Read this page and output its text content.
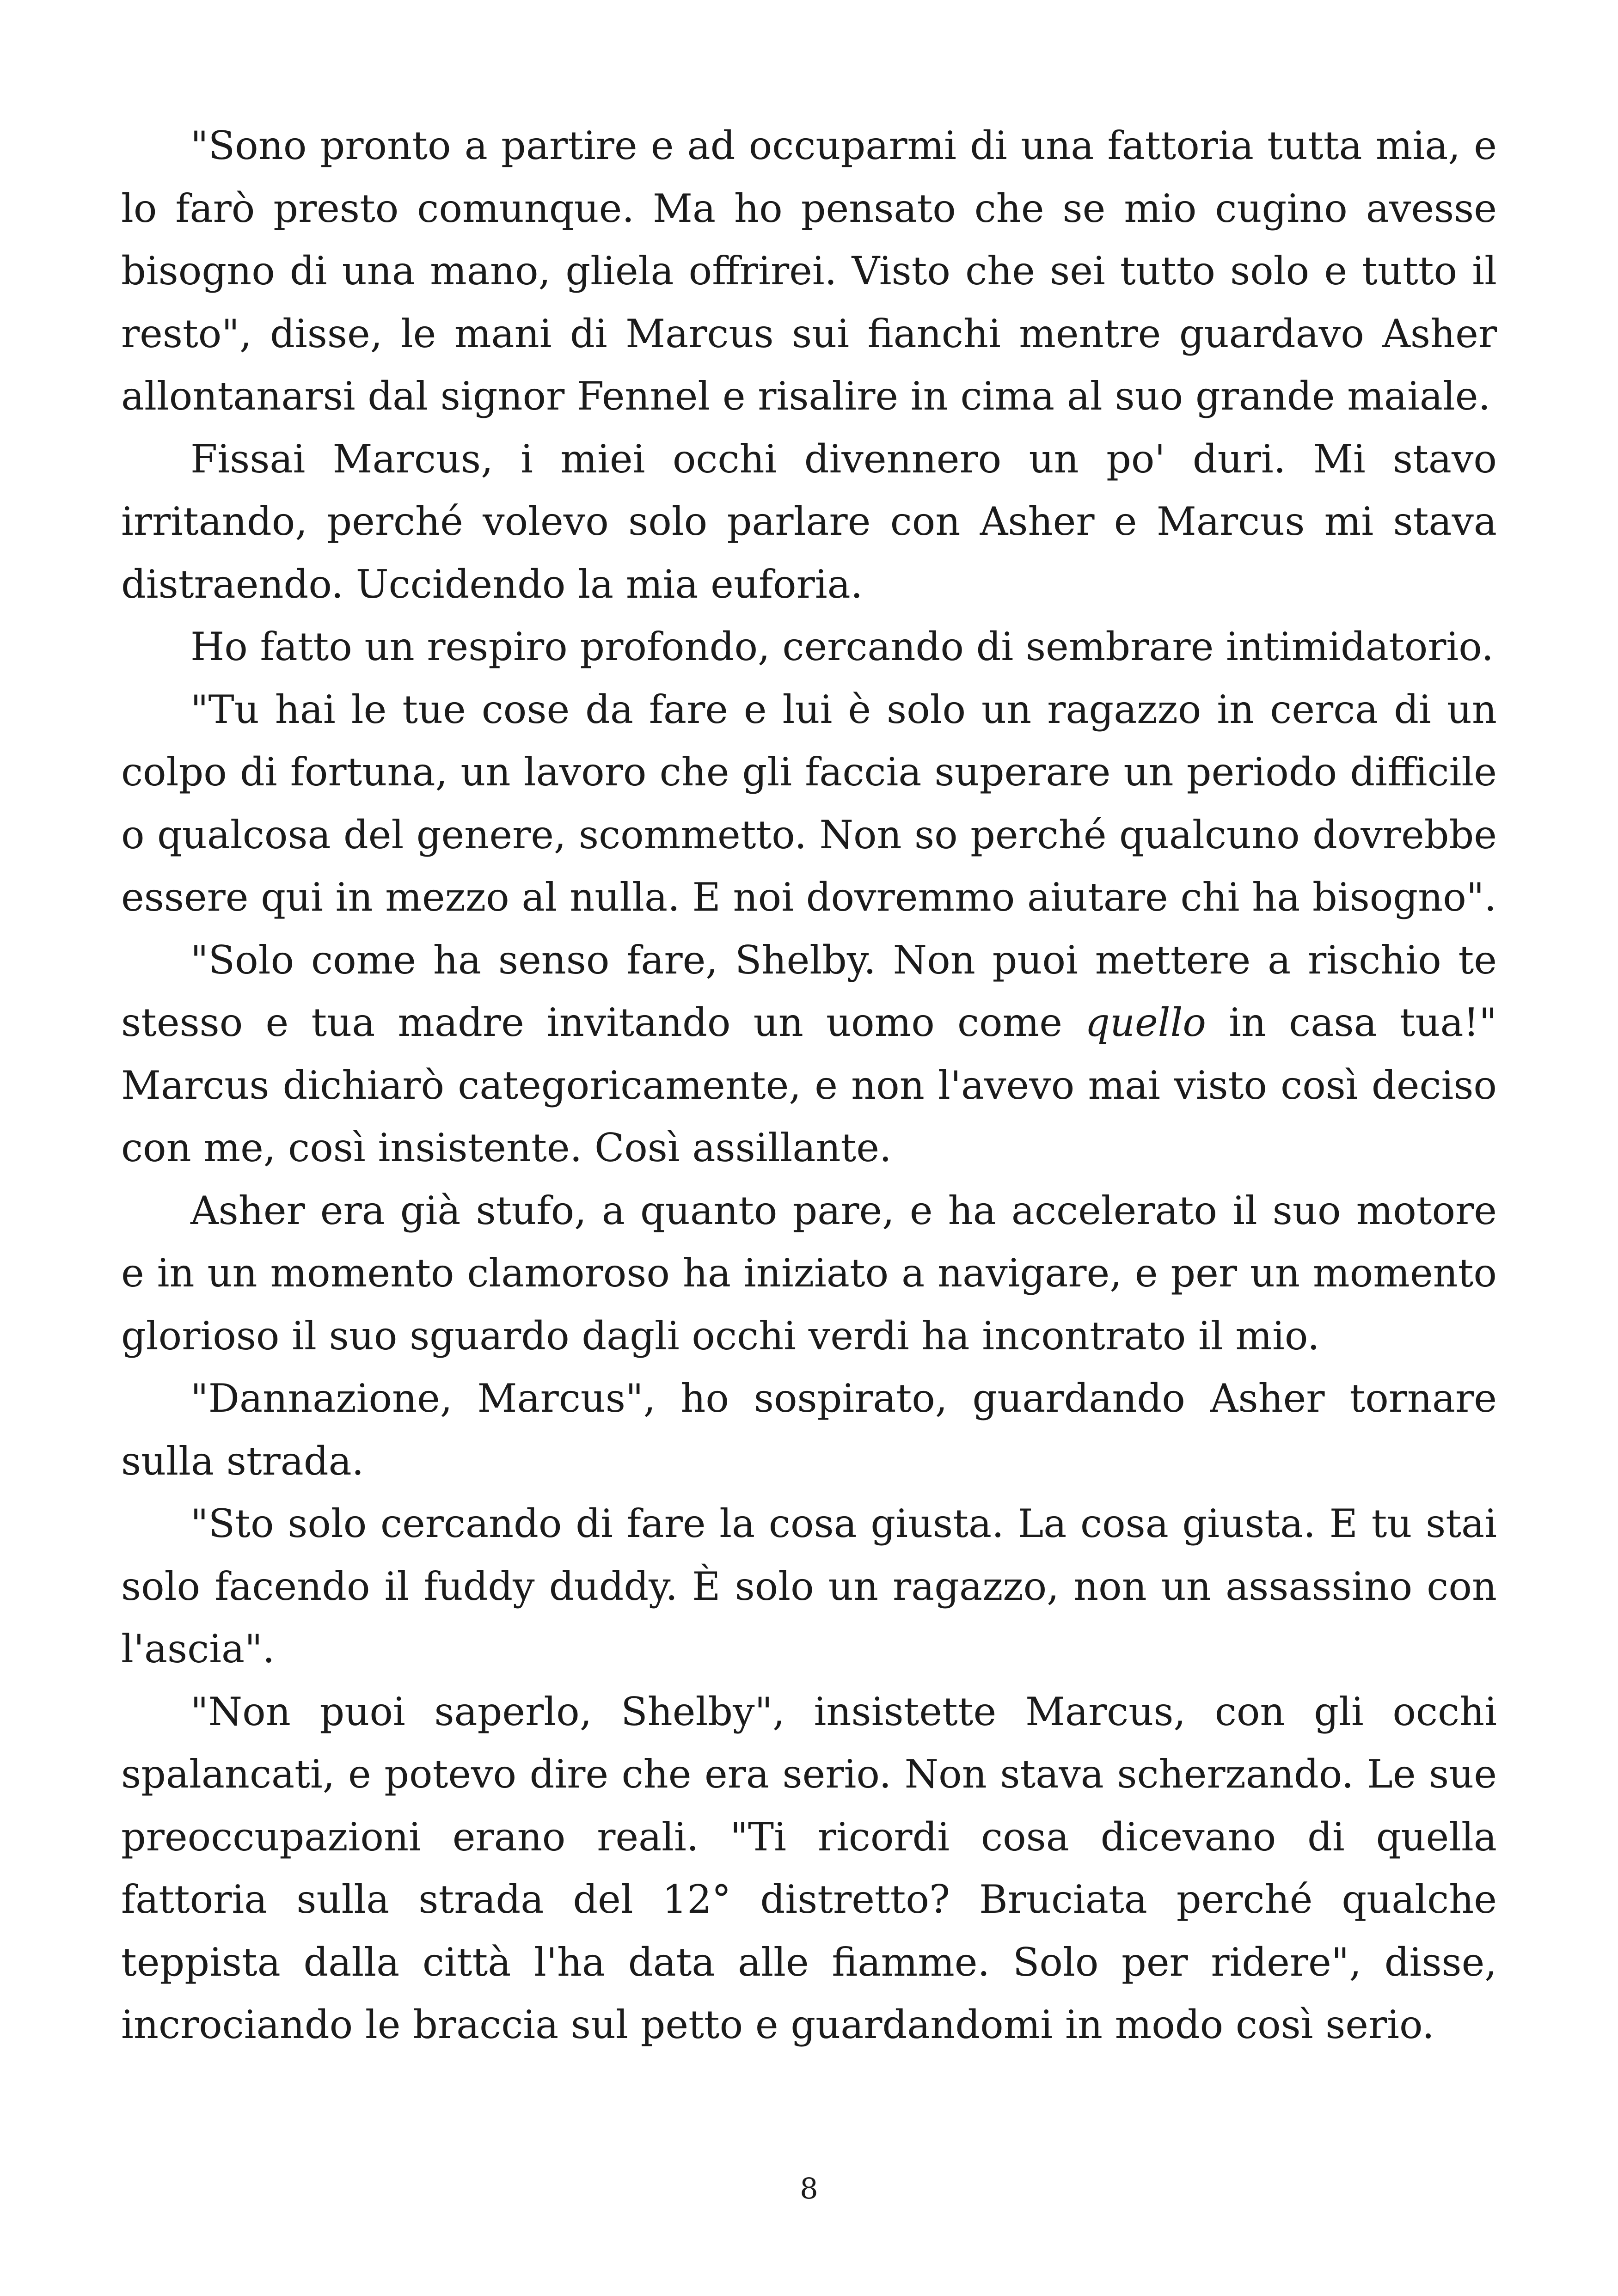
"Sono pronto a partire e ad occuparmi di una fattoria tutta mia, e lo farò presto comunque. Ma ho pensato che se mio cugino avesse bisogno di una mano, gliela offrirei. Visto che sei tutto solo e tutto il resto", disse, le mani di Marcus sui fianchi mentre guardavo Asher allontanarsi dal signor Fennel e risalire in cima al suo grande maiale.

Fissai Marcus, i miei occhi divennero un po' duri. Mi stavo irritando, perché volevo solo parlare con Asher e Marcus mi stava distraendo. Uccidendo la mia euforia.

Ho fatto un respiro profondo, cercando di sembrare intimidatorio.

"Tu hai le tue cose da fare e lui è solo un ragazzo in cerca di un colpo di fortuna, un lavoro che gli faccia superare un periodo difficile o qualcosa del genere, scommetto. Non so perché qualcuno dovrebbe essere qui in mezzo al nulla. E noi dovremmo aiutare chi ha bisogno".

"Solo come ha senso fare, Shelby. Non puoi mettere a rischio te stesso e tua madre invitando un uomo come quello in casa tua!" Marcus dichiarò categoricamente, e non l'avevo mai visto così deciso con me, così insistente. Così assillante.

Asher era già stufo, a quanto pare, e ha accelerato il suo motore e in un momento clamoroso ha iniziato a navigare, e per un momento glorioso il suo sguardo dagli occhi verdi ha incontrato il mio.

"Dannazione, Marcus", ho sospirato, guardando Asher tornare sulla strada.

"Sto solo cercando di fare la cosa giusta. La cosa giusta. E tu stai solo facendo il fuddy duddy. È solo un ragazzo, non un assassino con l'ascia".

"Non puoi saperlo, Shelby", insistette Marcus, con gli occhi spalancati, e potevo dire che era serio. Non stava scherzando. Le sue preoccupazioni erano reali. "Ti ricordi cosa dicevano di quella fattoria sulla strada del 12° distretto? Bruciata perché qualche teppista dalla città l'ha data alle fiamme. Solo per ridere", disse, incrociando le braccia sul petto e guardandomi in modo così serio.

8
